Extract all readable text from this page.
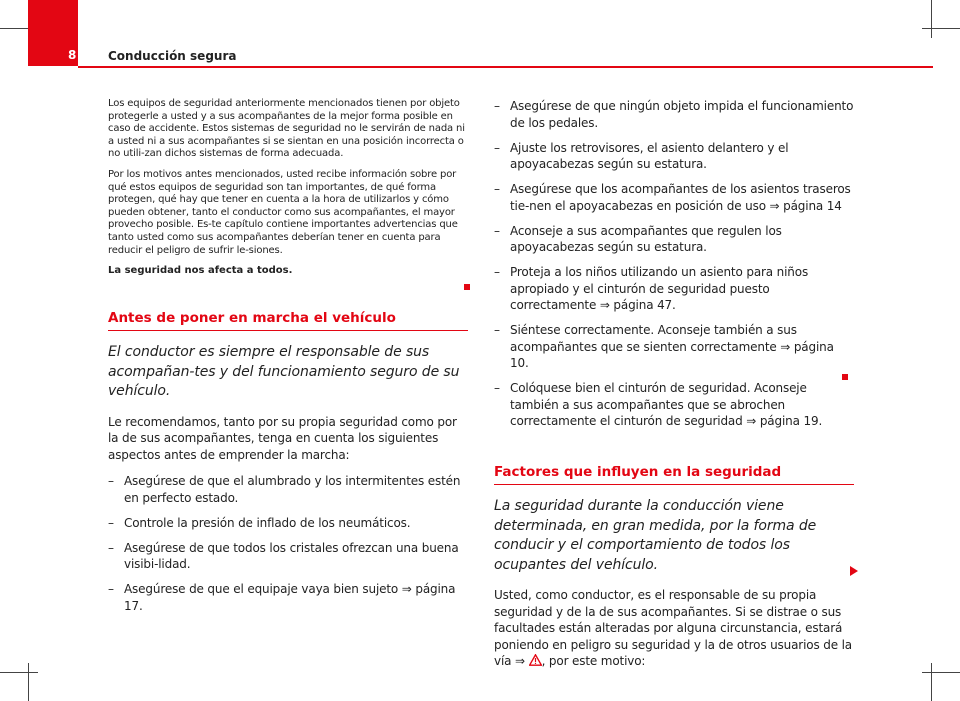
8	Conducción segura

Los equipos de seguridad anteriormente mencionados tienen por objeto protegerle a usted y a sus acompañantes de la mejor forma posible en caso de accidente. Estos sistemas de seguridad no le servirán de nada ni a usted ni a sus acompañantes si se sientan en una posición incorrecta o no utili-zan dichos sistemas de forma adecuada.

Por los motivos antes mencionados, usted recibe información sobre por qué estos equipos de seguridad son tan importantes, de qué forma protegen, qué hay que tener en cuenta a la hora de utilizarlos y cómo pueden obtener, tanto el conductor como sus acompañantes, el mayor provecho posible. Es-te capítulo contiene importantes advertencias que tanto usted como sus acompañantes deberían tener en cuenta para reducir el peligro de sufrir le-siones.

La seguridad nos afecta a todos.

Antes de poner en marcha el vehículo

El conductor es siempre el responsable de sus acompañan-tes y del funcionamiento seguro de su vehículo.

Le recomendamos, tanto por su propia seguridad como por la de sus acompañantes, tenga en cuenta los siguientes aspectos antes de emprender la marcha:

– Asegúrese de que el alumbrado y los intermitentes estén en perfecto estado.
– Controle la presión de inflado de los neumáticos.
– Asegúrese de que todos los cristales ofrezcan una buena visibi-lidad.
– Asegúrese de que el equipaje vaya bien sujeto ⇒ página 17.
– Asegúrese de que ningún objeto impida el funcionamiento de los pedales.
– Ajuste los retrovisores, el asiento delantero y el apoyacabezas según su estatura.
– Asegúrese que los acompañantes de los asientos traseros tie-nen el apoyacabezas en posición de uso ⇒ página 14
– Aconseje a sus acompañantes que regulen los apoyacabezas según su estatura.
– Proteja a los niños utilizando un asiento para niños apropiado y el cinturón de seguridad puesto correctamente ⇒ página 47.
– Siéntese correctamente. Aconseje también a sus acompañantes que se sienten correctamente ⇒ página 10.
– Colóquese bien el cinturón de seguridad. Aconseje también a sus acompañantes que se abrochen correctamente el cinturón de seguridad ⇒ página 19.
Factores que influyen en la seguridad

La seguridad durante la conducción viene determinada, en gran medida, por la forma de conducir y el comportamiento de todos los ocupantes del vehículo.

Usted, como conductor, es el responsable de su propia seguridad y de la de sus acompañantes. Si se distrae o sus facultades están alteradas por alguna circunstancia, estará poniendo en peligro su seguridad y la de otros usuarios de la vía ⇒ , por este motivo:
